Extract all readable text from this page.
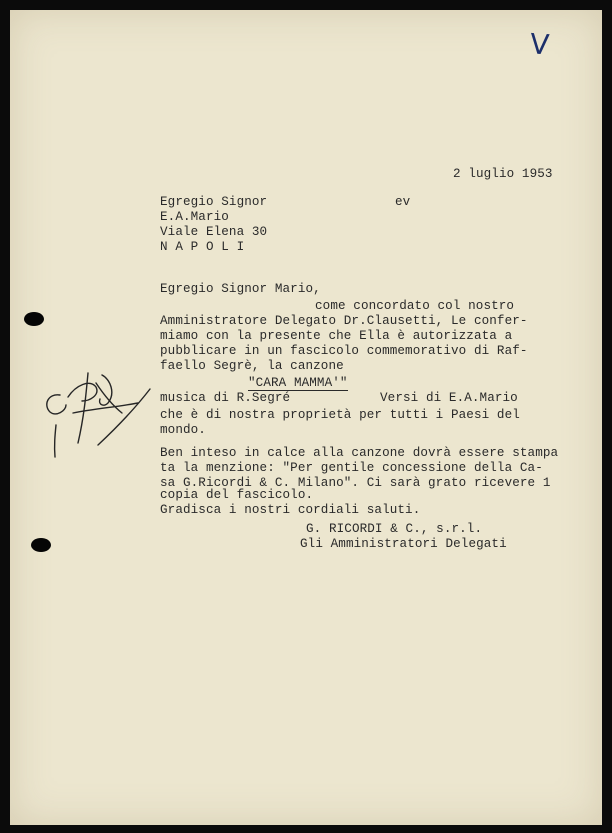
V
2 luglio 1953
Egregio Signor	ev
E.A.Mario
Viale Elena 30
N A P O L I
Egregio Signor Mario,
come concordato col nostro
Amministratore Delegato Dr.Clausetti, Le confer-
miamo con la presente che Ella è autorizzata a
pubblicare in un fascicolo commemorativo di Raf-
faello Segrè, la canzone
"CARA MAMMA'"
musica di R.Segré	Versi di E.A.Mario
che è di nostra proprietà per tutti i Paesi del
mondo.
Ben inteso in calce alla canzone dovrà essere stampa
ta la menzione: "Per gentile concessione della Ca-
sa G.Ricordi & C. Milano". Ci sarà grato ricevere 1
copia del fascicolo.
Gradisca i nostri cordiali saluti.
G. RICORDI & C., s.r.l.
Gli Amministratori Delegati
